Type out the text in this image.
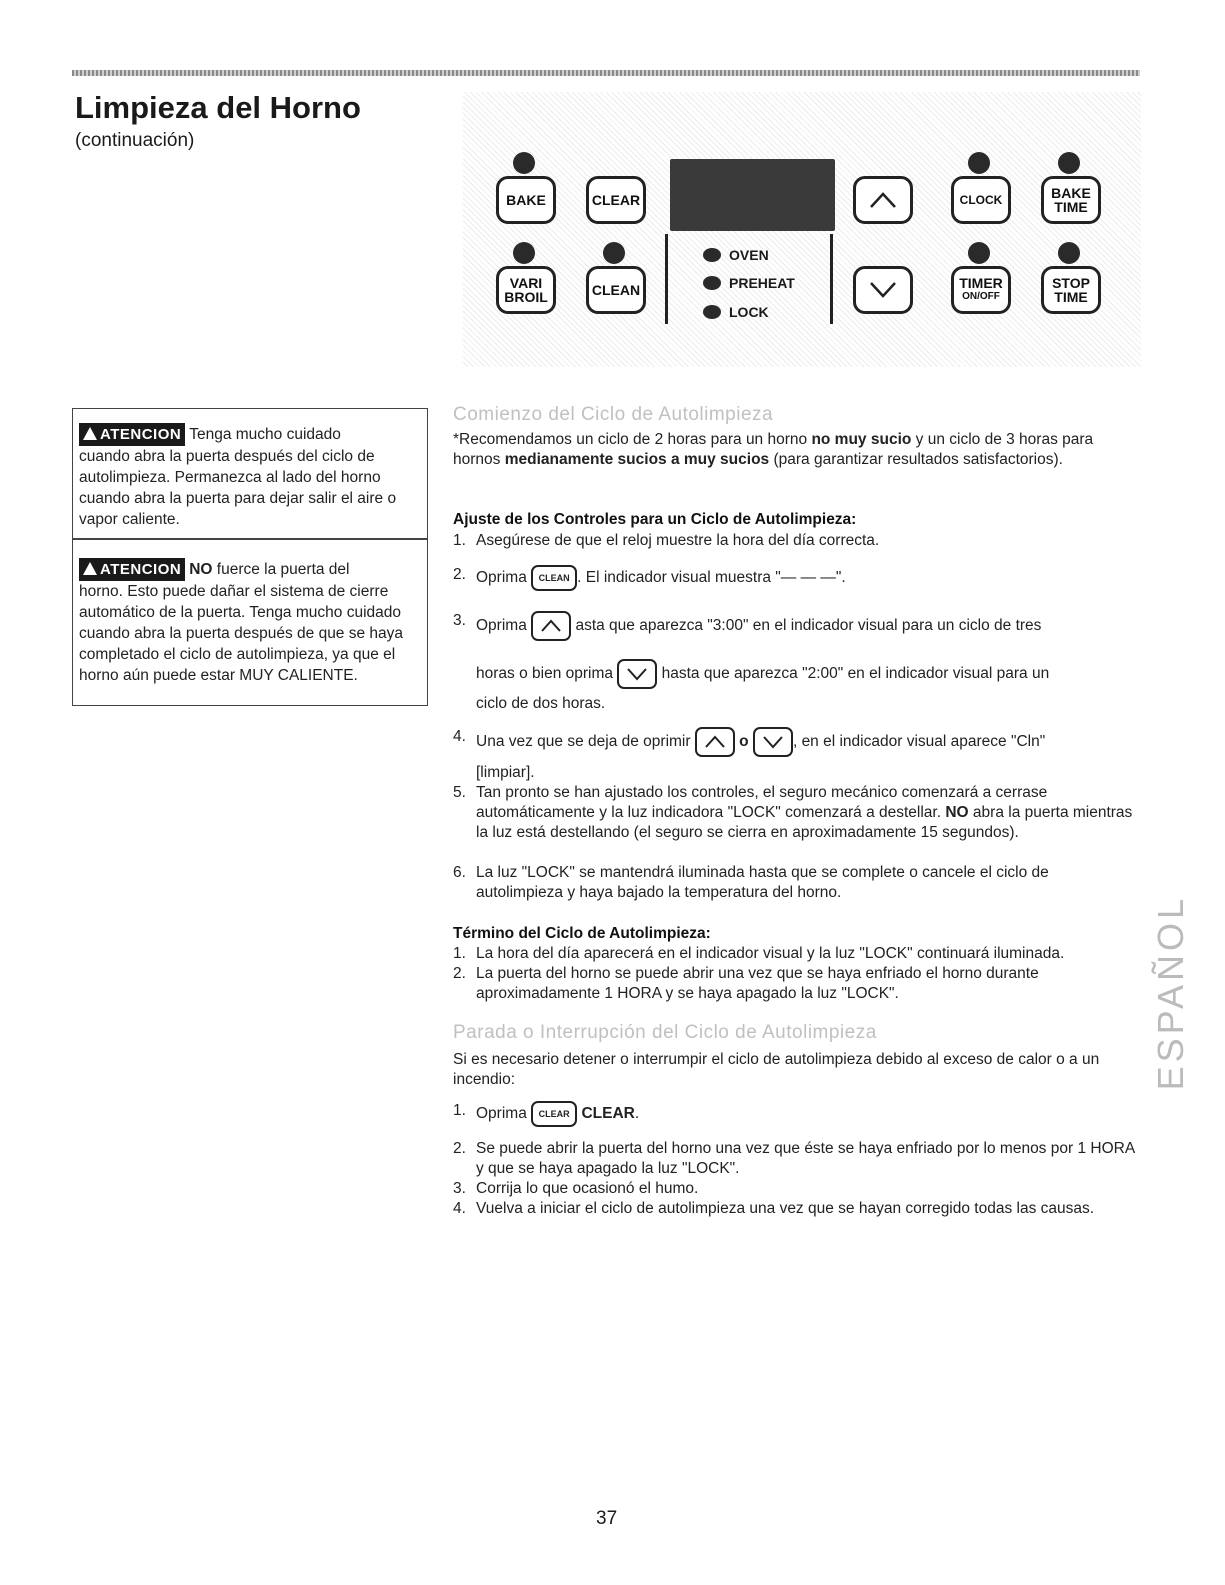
Limpieza del Horno
(continuación)
BAKE	CLEAR	CLOCK	BAKE
TIME
VARI
BROIL	CLEAN
OVEN
PREHEAT
LOCK
TIMER
ON/OFF
STOP
TIME
ATENCION Tenga mucho cuidado
cuando abra la puerta después del ciclo de autolimpieza. Permanezca al lado del horno cuando abra la puerta para dejar salir el aire o vapor caliente.
ATENCION NO fuerce la puerta del
horno. Esto puede dañar el sistema de cierre automático de la puerta. Tenga mucho cuidado cuando abra la puerta después de que se haya completado el ciclo de autolimpieza, ya que el horno aún puede estar MUY CALIENTE.
Comienzo del Ciclo de Autolimpieza
*Recomendamos un ciclo de 2 horas para un horno no muy sucio y un ciclo de 3 horas para hornos medianamente sucios a muy sucios (para garantizar resultados satisfactorios).
Ajuste de los Controles para un Ciclo de Autolimpieza:
1. Asegúrese de que el reloj muestre la hora del día correcta.
2. Oprima CLEAN . El indicador visual muestra "— — —".
3. Oprima	asta que aparezca "3:00" en el indicador visual para un ciclo de tres
horas o bien oprima	hasta que aparezca "2:00" en el indicador visual para un
ciclo de dos horas.
4. Una vez que se deja de oprimir	o	, en el indicador visual aparece "Cln"
[limpiar].
5. Tan pronto se han ajustado los controles, el seguro mecánico comenzará a cerrase automáticamente y la luz indicadora "LOCK" comenzará a destellar. NO abra la puerta mientras la luz está destellando (el seguro se cierra en aproximadamente 15 segundos).
6. La luz "LOCK" se mantendrá iluminada hasta que se complete o cancele el ciclo de autolimpieza y haya bajado la temperatura del horno.
Término del Ciclo de Autolimpieza:
1. La hora del día aparecerá en el indicador visual y la luz "LOCK" continuará iluminada.
2. La puerta del horno se puede abrir una vez que se haya enfriado el horno durante aproximadamente 1 HORA y se haya apagado la luz "LOCK".
Parada o Interrupción del Ciclo de Autolimpieza
Si es necesario detener o interrumpir el ciclo de autolimpieza debido al exceso de calor o a un incendio:
1. Oprima CLEAR CLEAR.
2. Se puede abrir la puerta del horno una vez que éste se haya enfriado por lo menos por 1 HORA y que se haya apagado la luz "LOCK".
3. Corrija lo que ocasionó el humo.
4. Vuelva a iniciar el ciclo de autolimpieza una vez que se hayan corregido todas las causas.
ESPAÑOL
37
